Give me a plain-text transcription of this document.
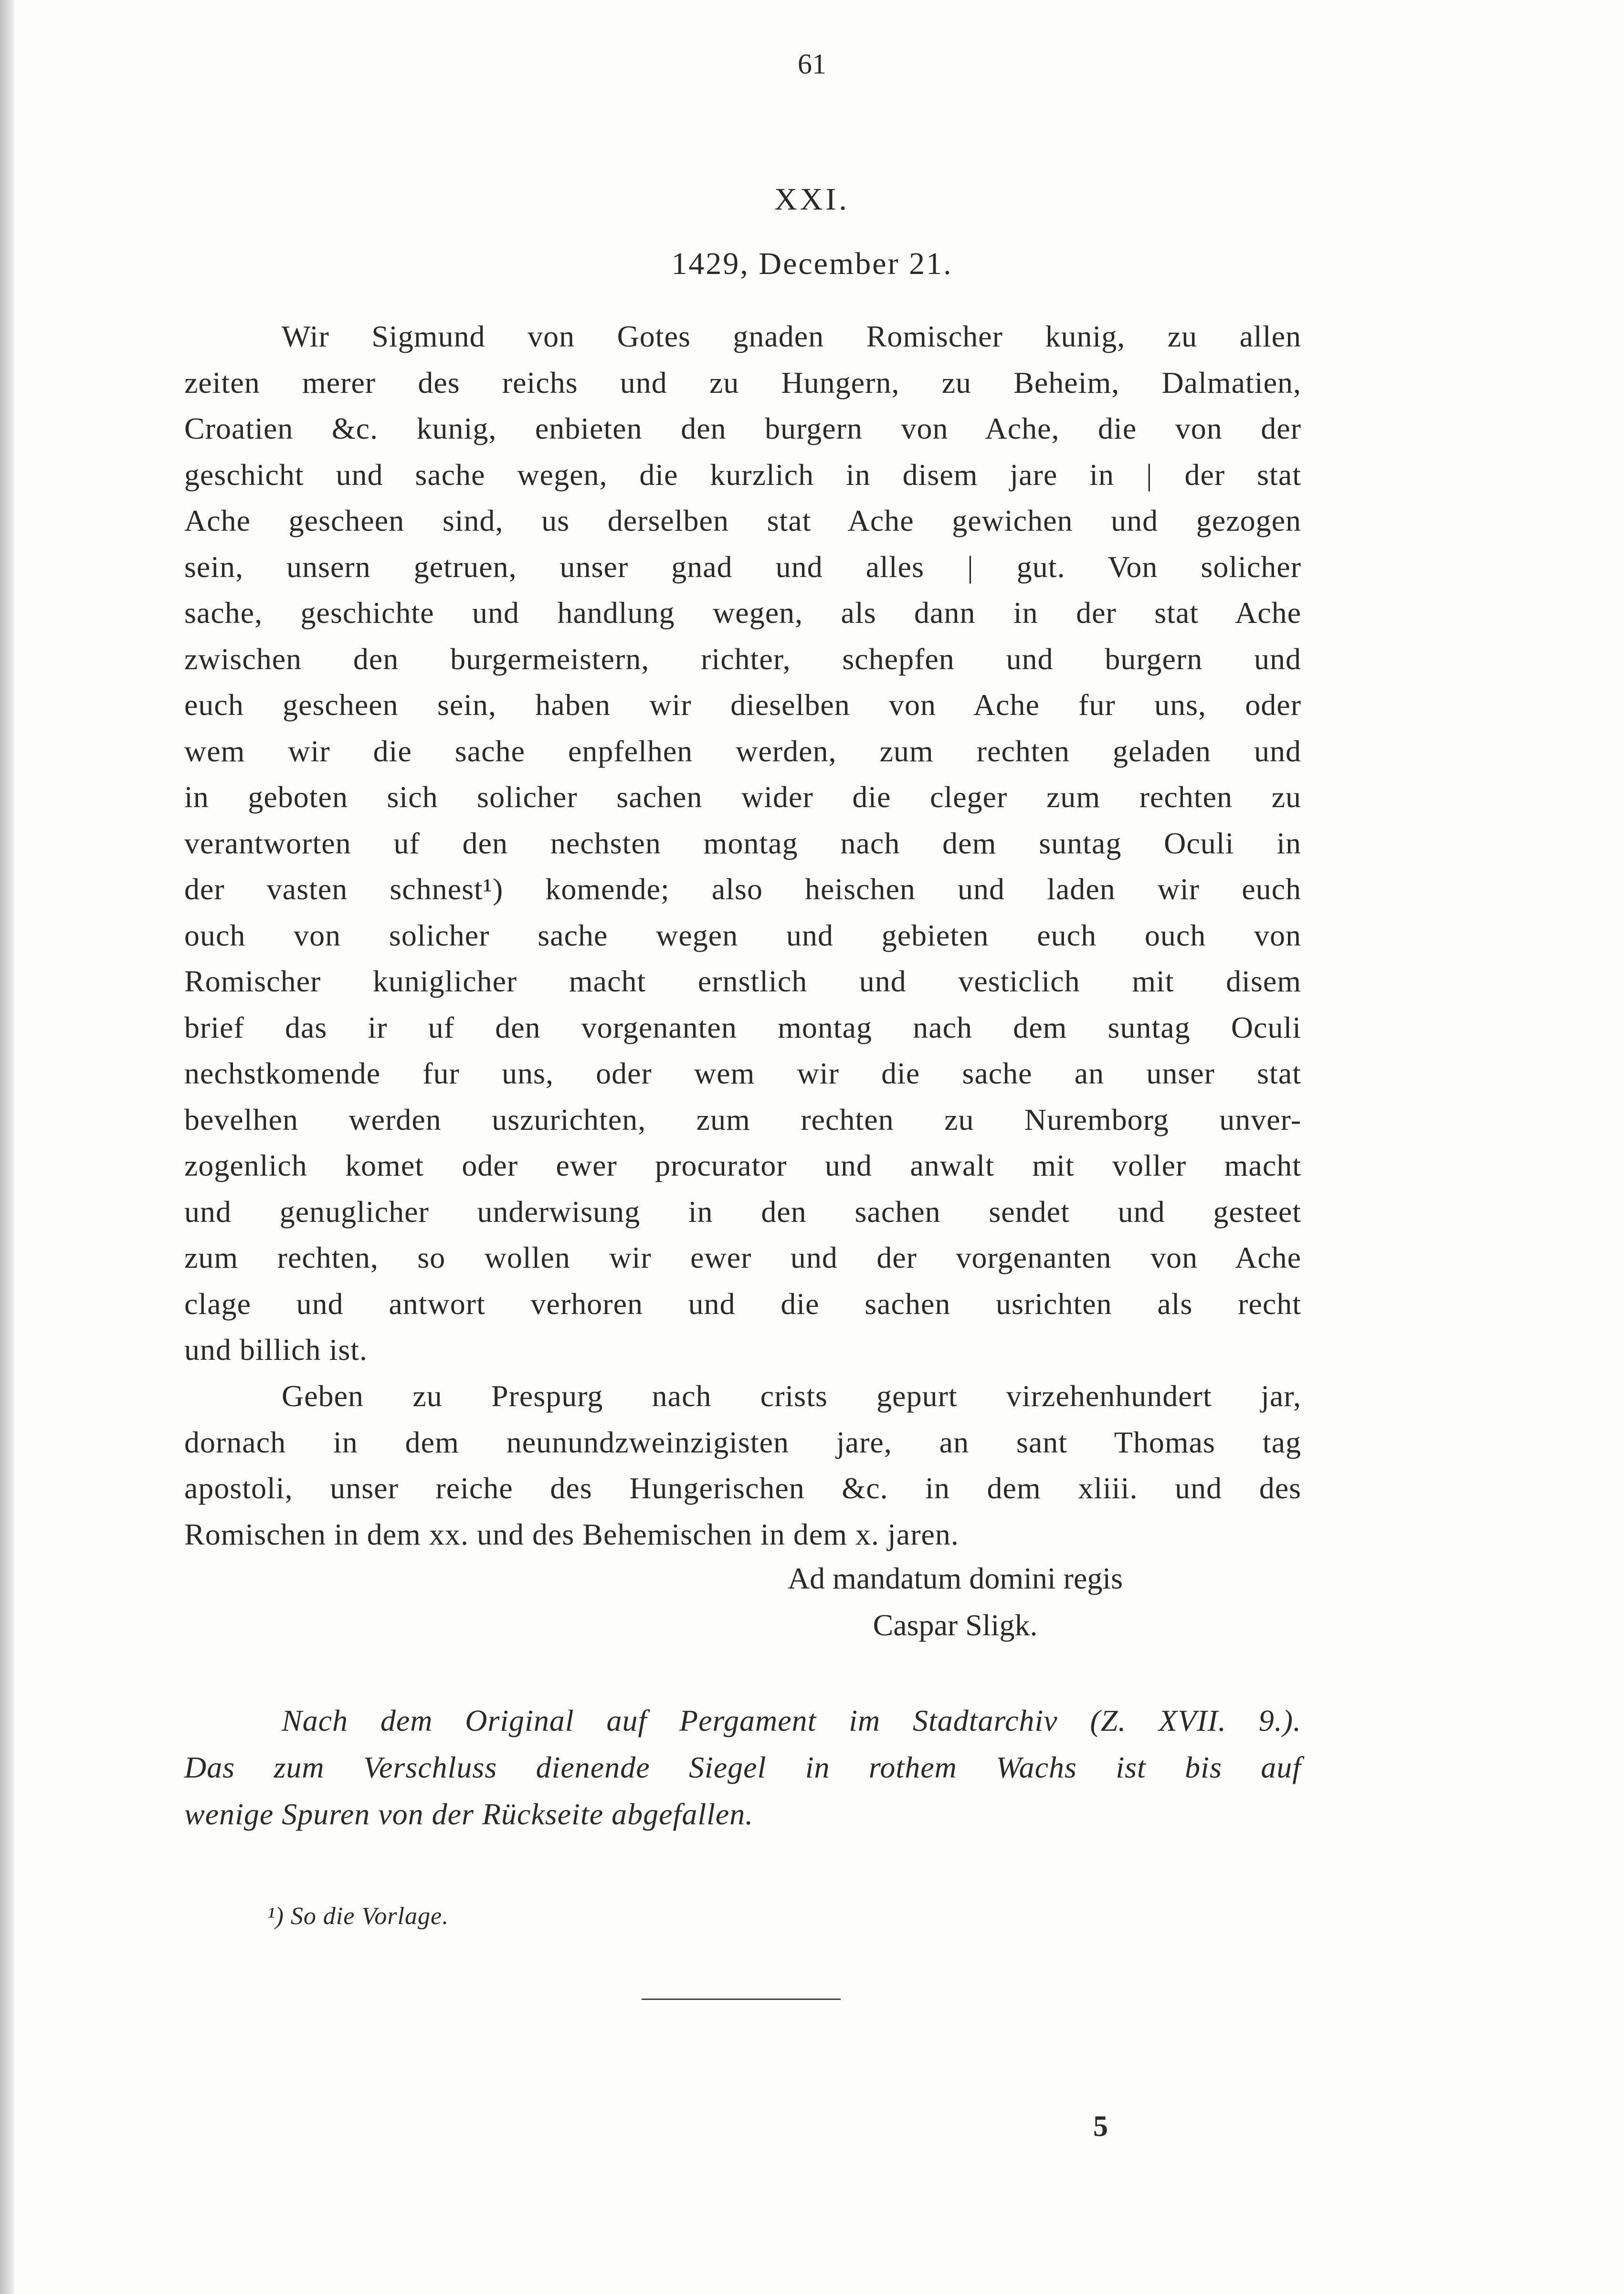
61
XXI.
1429, December 21.
Wir Sigmund von Gotes gnaden Romischer kunig, zu allen
zeiten merer des reichs und zu Hungern, zu Beheim, Dalmatien,
Croatien &c. kunig, enbieten den burgern von Ache, die von der
geschicht und sache wegen, die kurzlich in disem jare in | der stat
Ache gescheen sind, us derselben stat Ache gewichen und gezogen
sein, unsern getruen, unser gnad und alles | gut. Von solicher
sache, geschichte und handlung wegen, als dann in der stat Ache
zwischen den burgermeistern, richter, schepfen und burgern und
euch gescheen sein, haben wir dieselben von Ache fur uns, oder
wem wir die sache enpfelhen werden, zum rechten geladen und
in geboten sich solicher sachen wider die cleger zum rechten zu
verantworten uf den nechsten montag nach dem suntag Oculi in
der vasten schnest¹) komende; also heischen und laden wir euch
ouch von solicher sache wegen und gebieten euch ouch von
Romischer kuniglicher macht ernstlich und vesticlich mit disem
brief das ir uf den vorgenanten montag nach dem suntag Oculi
nechstkomende fur uns, oder wem wir die sache an unser stat
bevelhen werden uszurichten, zum rechten zu Nuremborg unver-
zogenlich komet oder ewer procurator und anwalt mit voller macht
und genuglicher underwisung in den sachen sendet und gesteet
zum rechten, so wollen wir ewer und der vorgenanten von Ache
clage und antwort verhoren und die sachen usrichten als recht
und billich ist.
Geben zu Prespurg nach crists gepurt virzehenhundert jar,
dornach in dem neunundzweinzigisten jare, an sant Thomas tag
apostoli, unser reiche des Hungerischen &c. in dem xliii. und des
Romischen in dem xx. und des Behemischen in dem x. jaren.
Ad mandatum domini regis
Caspar Sligk.
Nach dem Original auf Pergament im Stadtarchiv (Z. XVII. 9.).
Das zum Verschluss dienende Siegel in rothem Wachs ist bis auf
wenige Spuren von der Rückseite abgefallen.
¹) So die Vorlage.
5
